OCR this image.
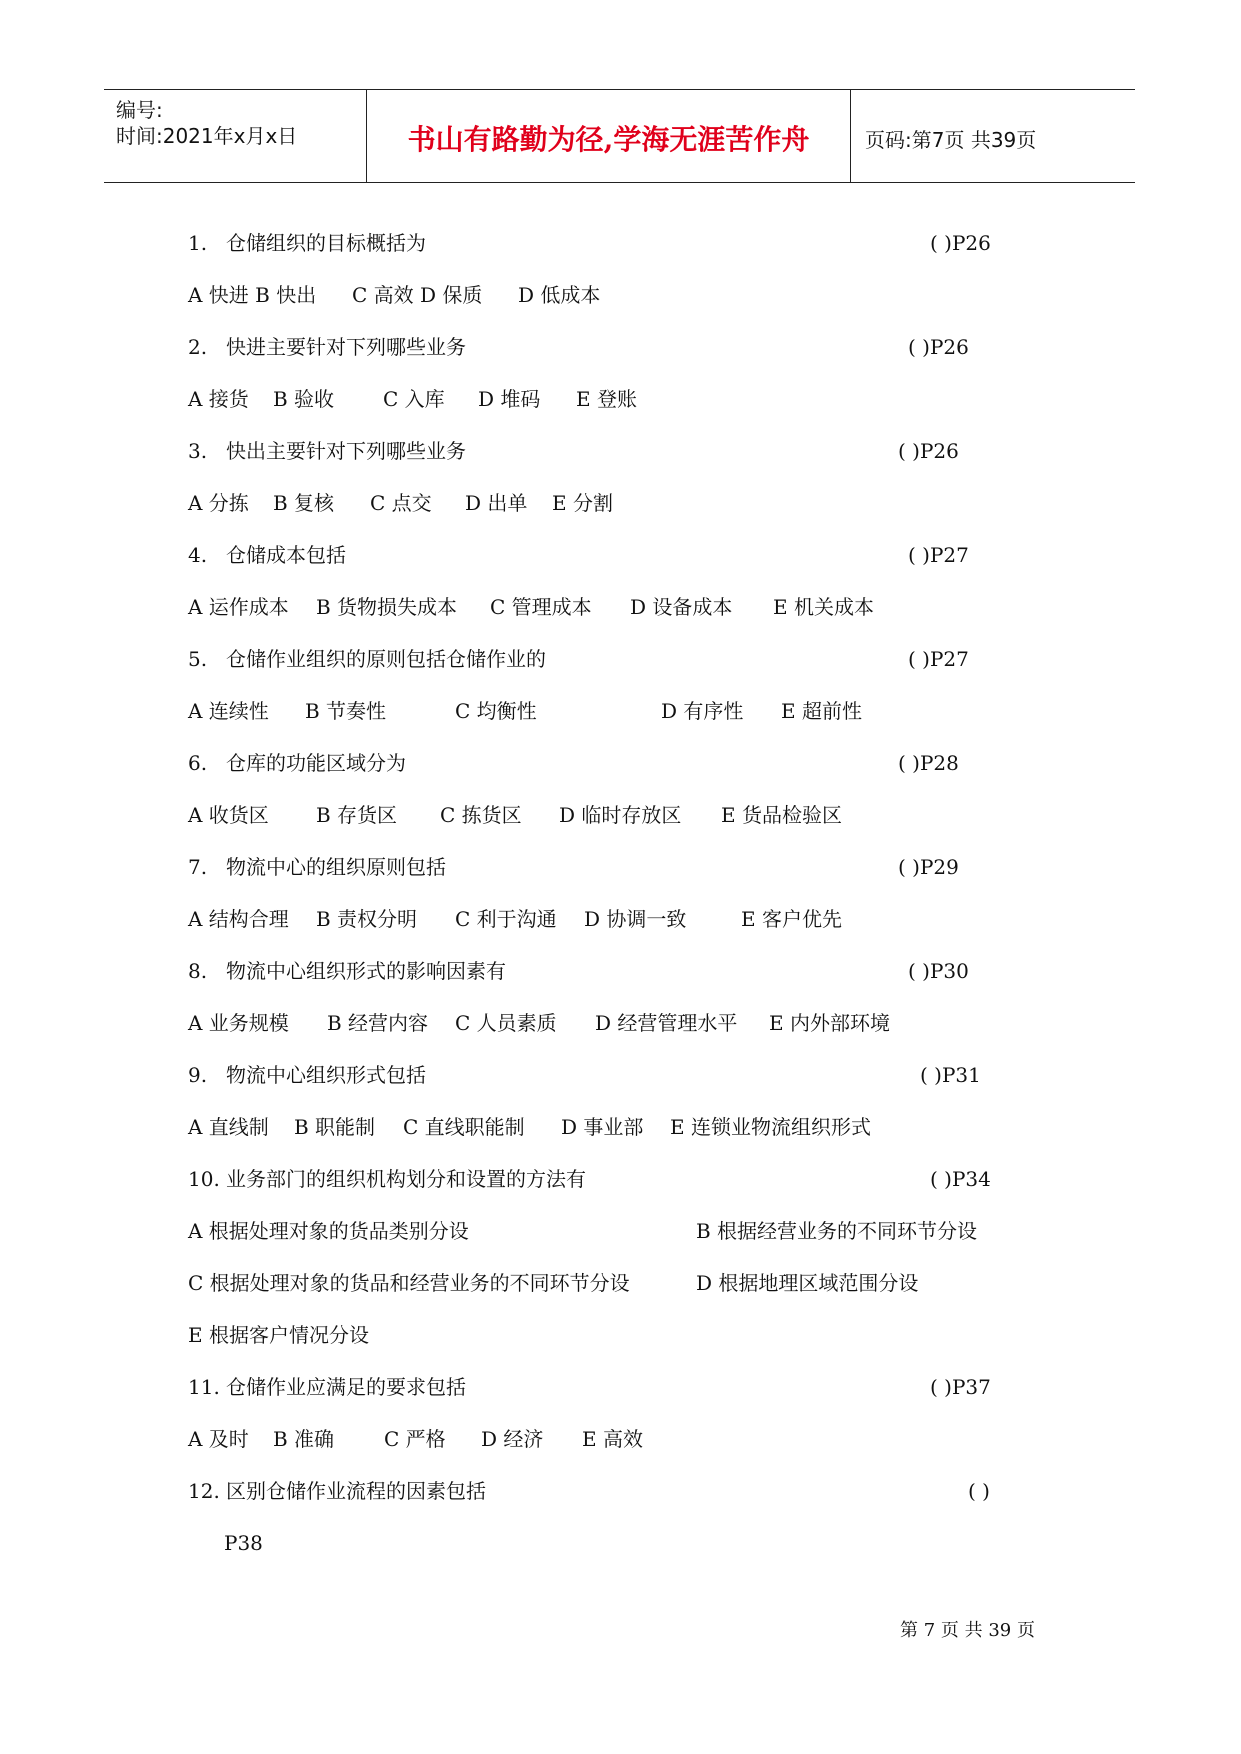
编号:
时间:2021年x月x日	书山有路勤为径,学海无涯苦作舟	页码:第7页 共39页
1. 仓储组织的目标概括为	( )P26
A 快进 B 快出 C 高效 D 保质 D 低成本
2. 快进主要针对下列哪些业务	( )P26
A 接货 B 验收 C 入库 D 堆码 E 登账
3. 快出主要针对下列哪些业务	( )P26
A 分拣 B 复核 C 点交 D 出单 E 分割
4. 仓储成本包括	( )P27
A 运作成本 B 货物损失成本 C 管理成本 D 设备成本 E 机关成本
5. 仓储作业组织的原则包括仓储作业的	( )P27
A 连续性 B 节奏性	C 均衡性	D 有序性 E 超前性
6. 仓库的功能区域分为	( )P28
A 收货区 B 存货区 C 拣货区 D 临时存放区 E 货品检验区
7. 物流中心的组织原则包括	( )P29
A 结构合理 B 责权分明 C 利于沟通 D 协调一致	E 客户优先
8. 物流中心组织形式的影响因素有	( )P30
A 业务规模 B 经营内容 C 人员素质 D 经营管理水平 E 内外部环境
9. 物流中心组织形式包括	( )P31
A 直线制 B 职能制 C 直线职能制 D 事业部 E 连锁业物流组织形式
10. 业务部门的组织机构划分和设置的方法有	( )P34
A 根据处理对象的货品类别分设	B 根据经营业务的不同环节分设
C 根据处理对象的货品和经营业务的不同环节分设	D 根据地理区域范围分设
E 根据客户情况分设
11. 仓储作业应满足的要求包括	( )P37
A 及时 B 准确 C 严格 D 经济 E 高效
12. 区别仓储作业流程的因素包括	( )
P38
第 7 页 共 39 页
